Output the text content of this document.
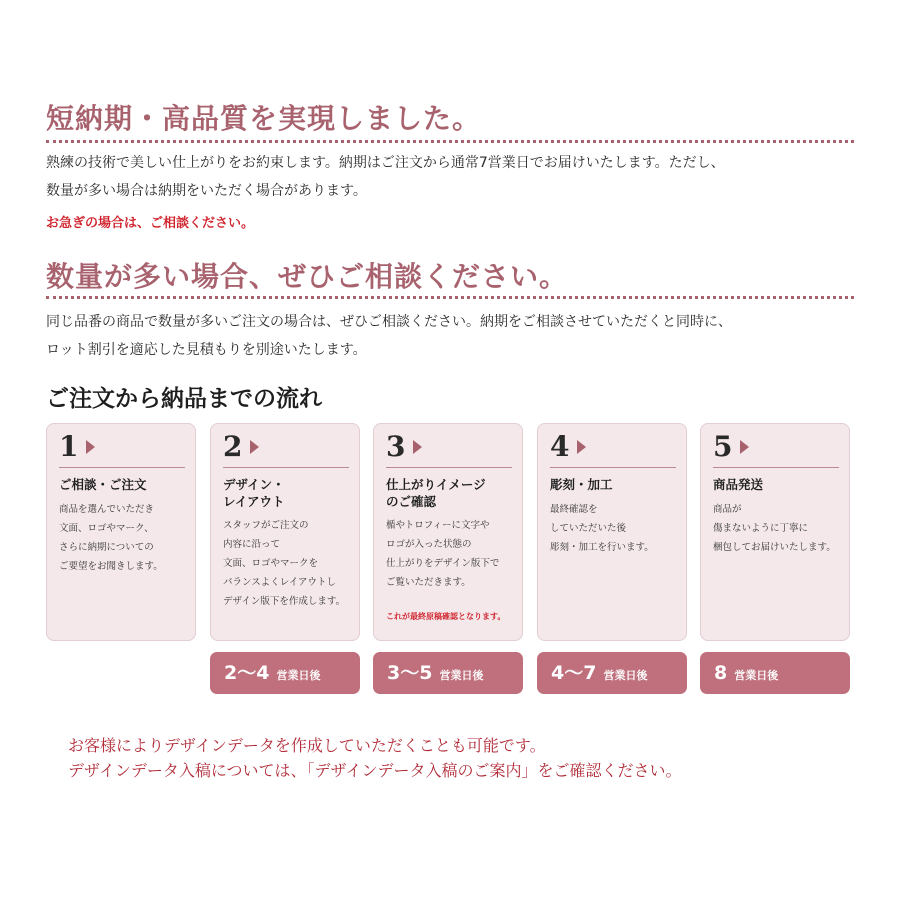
短納期・高品質を実現しました。

熟練の技術で美しい仕上がりをお約束します。納期はご注文から通常7営業日でお届けいたします。ただし、

数量が多い場合は納期をいただく場合があります。

お急ぎの場合は、ご相談ください。

数量が多い場合、ぜひご相談ください。

同じ品番の商品で数量が多いご注文の場合は、ぜひご相談ください。納期をご相談させていただくと同時に、

ロット割引を適応した見積もりを別途いたします。

ご注文から納品までの流れ
1

ご相談・ご注文

商品を選んでいただき

文面、ロゴやマーク、

さらに納期についての

ご要望をお聞きします。

2

デザイン・
レイアウト

スタッフがご注文の

内容に沿って

文面、ロゴやマークを

バランスよくレイアウトし

デザイン版下を作成します。

3

仕上がりイメージ
のご確認

楯やトロフィーに文字や

ロゴが入った状態の

仕上がりをデザイン版下で

ご覧いただきます。

これが最終原稿確認となります。

4

彫刻・加工

最終確認を

していただいた後

彫刻・加工を行います。

5

商品発送

商品が

傷まないように丁寧に

梱包してお届けいたします。

2〜4 営業日後	3〜5 営業日後	4〜7 営業日後	8 営業日後

お客様によりデザインデータを作成していただくことも可能です。

デザインデータ入稿については、「デザインデータ入稿のご案内」をご確認ください。
